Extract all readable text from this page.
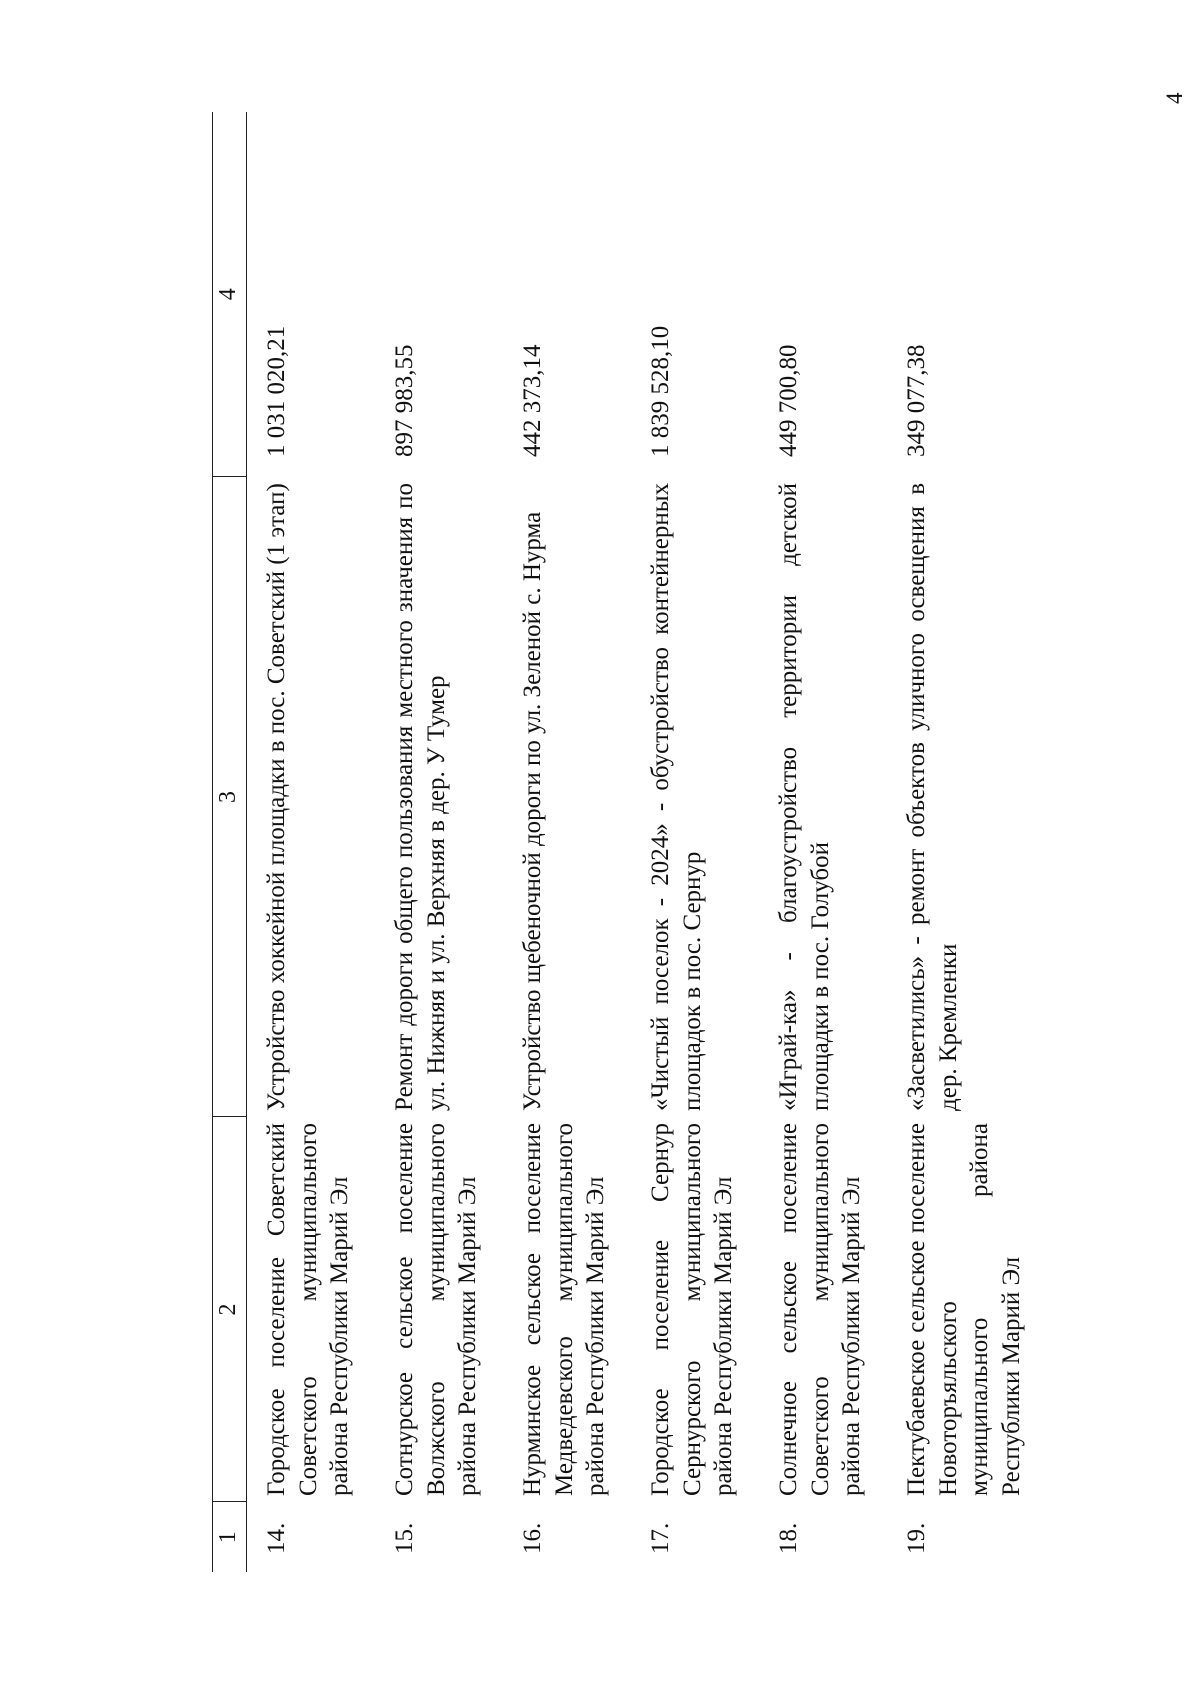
4
1	2	3	4
14.	Городское поселение Советский Советского муниципального района Республики Марий Эл	Устройство хоккейной площадки в пос. Советский (1 этап)	1 031 020,21
15.	Сотнурское сельское поселение Волжского муниципального района Республики Марий Эл	Ремонт дороги общего пользования местного значения по ул. Нижняя и ул. Верхняя в дер. У Тумер	897 983,55
16.	Нурминское сельское поселение Медведевского муниципального района Республики Марий Эл	Устройство щебеночной дороги по ул. Зеленой с. Нурма	442 373,14
17.	Городское поселение Сернур Сернурского муниципального района Республики Марий Эл	«Чистый поселок - 2024» - обустройство контейнерных площадок в пос. Сернур	1 839 528,10
18.	Солнечное сельское поселение Советского муниципального района Республики Марий Эл	«Играй-ка» - благоустройство территории детской площадки в пос. Голубой	449 700,80
19.	Пектубаевское сельское поселение Новоторъяльского муниципального района Республики Марий Эл	«Засветились» - ремонт объектов уличного освещения в дер. Кремленки	349 077,38
